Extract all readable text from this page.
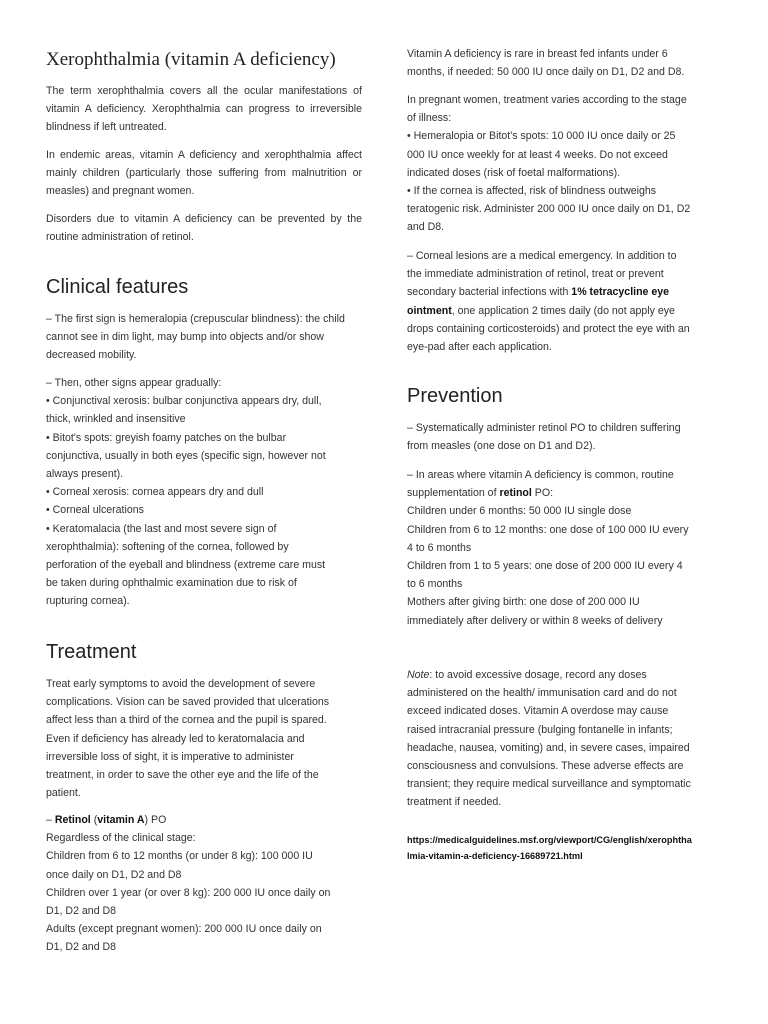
Xerophthalmia (vitamin A deficiency)

The term xerophthalmia covers all the ocular manifestations of vitamin A deficiency. Xerophthalmia can progress to irreversible blindness if left untreated.

In endemic areas, vitamin A deficiency and xerophthalmia affect mainly children (particularly those suffering from malnutrition or measles) and pregnant women.

Disorders due to vitamin A deficiency can be prevented by the routine administration of retinol.

Clinical features

– The first sign is hemeralopia (crepuscular blindness): the child cannot see in dim light, may bump into objects and/or show decreased mobility.

– Then, other signs appear gradually:
• Conjunctival xerosis: bulbar conjunctiva appears dry, dull,
thick, wrinkled and insensitive
• Bitot's spots: greyish foamy patches on the bulbar
conjunctiva, usually in both eyes (specific sign, however not
always present).
• Corneal xerosis: cornea appears dry and dull
• Corneal ulcerations
• Keratomalacia (the last and most severe sign of
xerophthalmia): softening of the cornea, followed by
perforation of the eyeball and blindness (extreme care must
be taken during ophthalmic examination due to risk of
rupturing cornea).
Treatment
Treat early symptoms to avoid the development of severe
complications. Vision can be saved provided that ulcerations
affect less than a third of the cornea and the pupil is spared.
Even if deficiency has already led to keratomalacia and
irreversible loss of sight, it is imperative to administer
treatment, in order to save the other eye and the life of the
patient.
– Retinol (vitamin A) PO
Regardless of the clinical stage:
Children from 6 to 12 months (or under 8 kg): 100 000 IU
once daily on D1, D2 and D8
Children over 1 year (or over 8 kg): 200 000 IU once daily on
D1, D2 and D8
Adults (except pregnant women): 200 000 IU once daily on
D1, D2 and D8
Vitamin A deficiency is rare in breast fed infants under 6
months, if needed: 50 000 IU once daily on D1, D2 and D8.
In pregnant women, treatment varies according to the stage
of illness:
• Hemeralopia or Bitot's spots: 10 000 IU once daily or 25
000 IU once weekly for at least 4 weeks. Do not exceed
indicated doses (risk of foetal malformations).
• If the cornea is affected, risk of blindness outweighs
teratogenic risk. Administer 200 000 IU once daily on D1, D2
and D8.
– Corneal lesions are a medical emergency. In addition to
the immediate administration of retinol, treat or prevent
secondary bacterial infections with 1% tetracycline eye
ointment, one application 2 times daily (do not apply eye
drops containing corticosteroids) and protect the eye with an
eye-pad after each application.
Prevention
– Systematically administer retinol PO to children suffering
from measles (one dose on D1 and D2).
– In areas where vitamin A deficiency is common, routine
supplementation of retinol PO:
Children under 6 months: 50 000 IU single dose
Children from 6 to 12 months: one dose of 100 000 IU every
4 to 6 months
Children from 1 to 5 years: one dose of 200 000 IU every 4
to 6 months
Mothers after giving birth: one dose of 200 000 IU
immediately after delivery or within 8 weeks of delivery
Note: to avoid excessive dosage, record any doses
administered on the health/ immunisation card and do not
exceed indicated doses. Vitamin A overdose may cause
raised intracranial pressure (bulging fontanelle in infants;
headache, nausea, vomiting) and, in severe cases, impaired
consciousness and convulsions. These adverse effects are
transient; they require medical surveillance and symptomatic
treatment if needed.
https://medicalguidelines.msf.org/viewport/CG/english/xerophtha
lmia-vitamin-a-deficiency-16689721.html
